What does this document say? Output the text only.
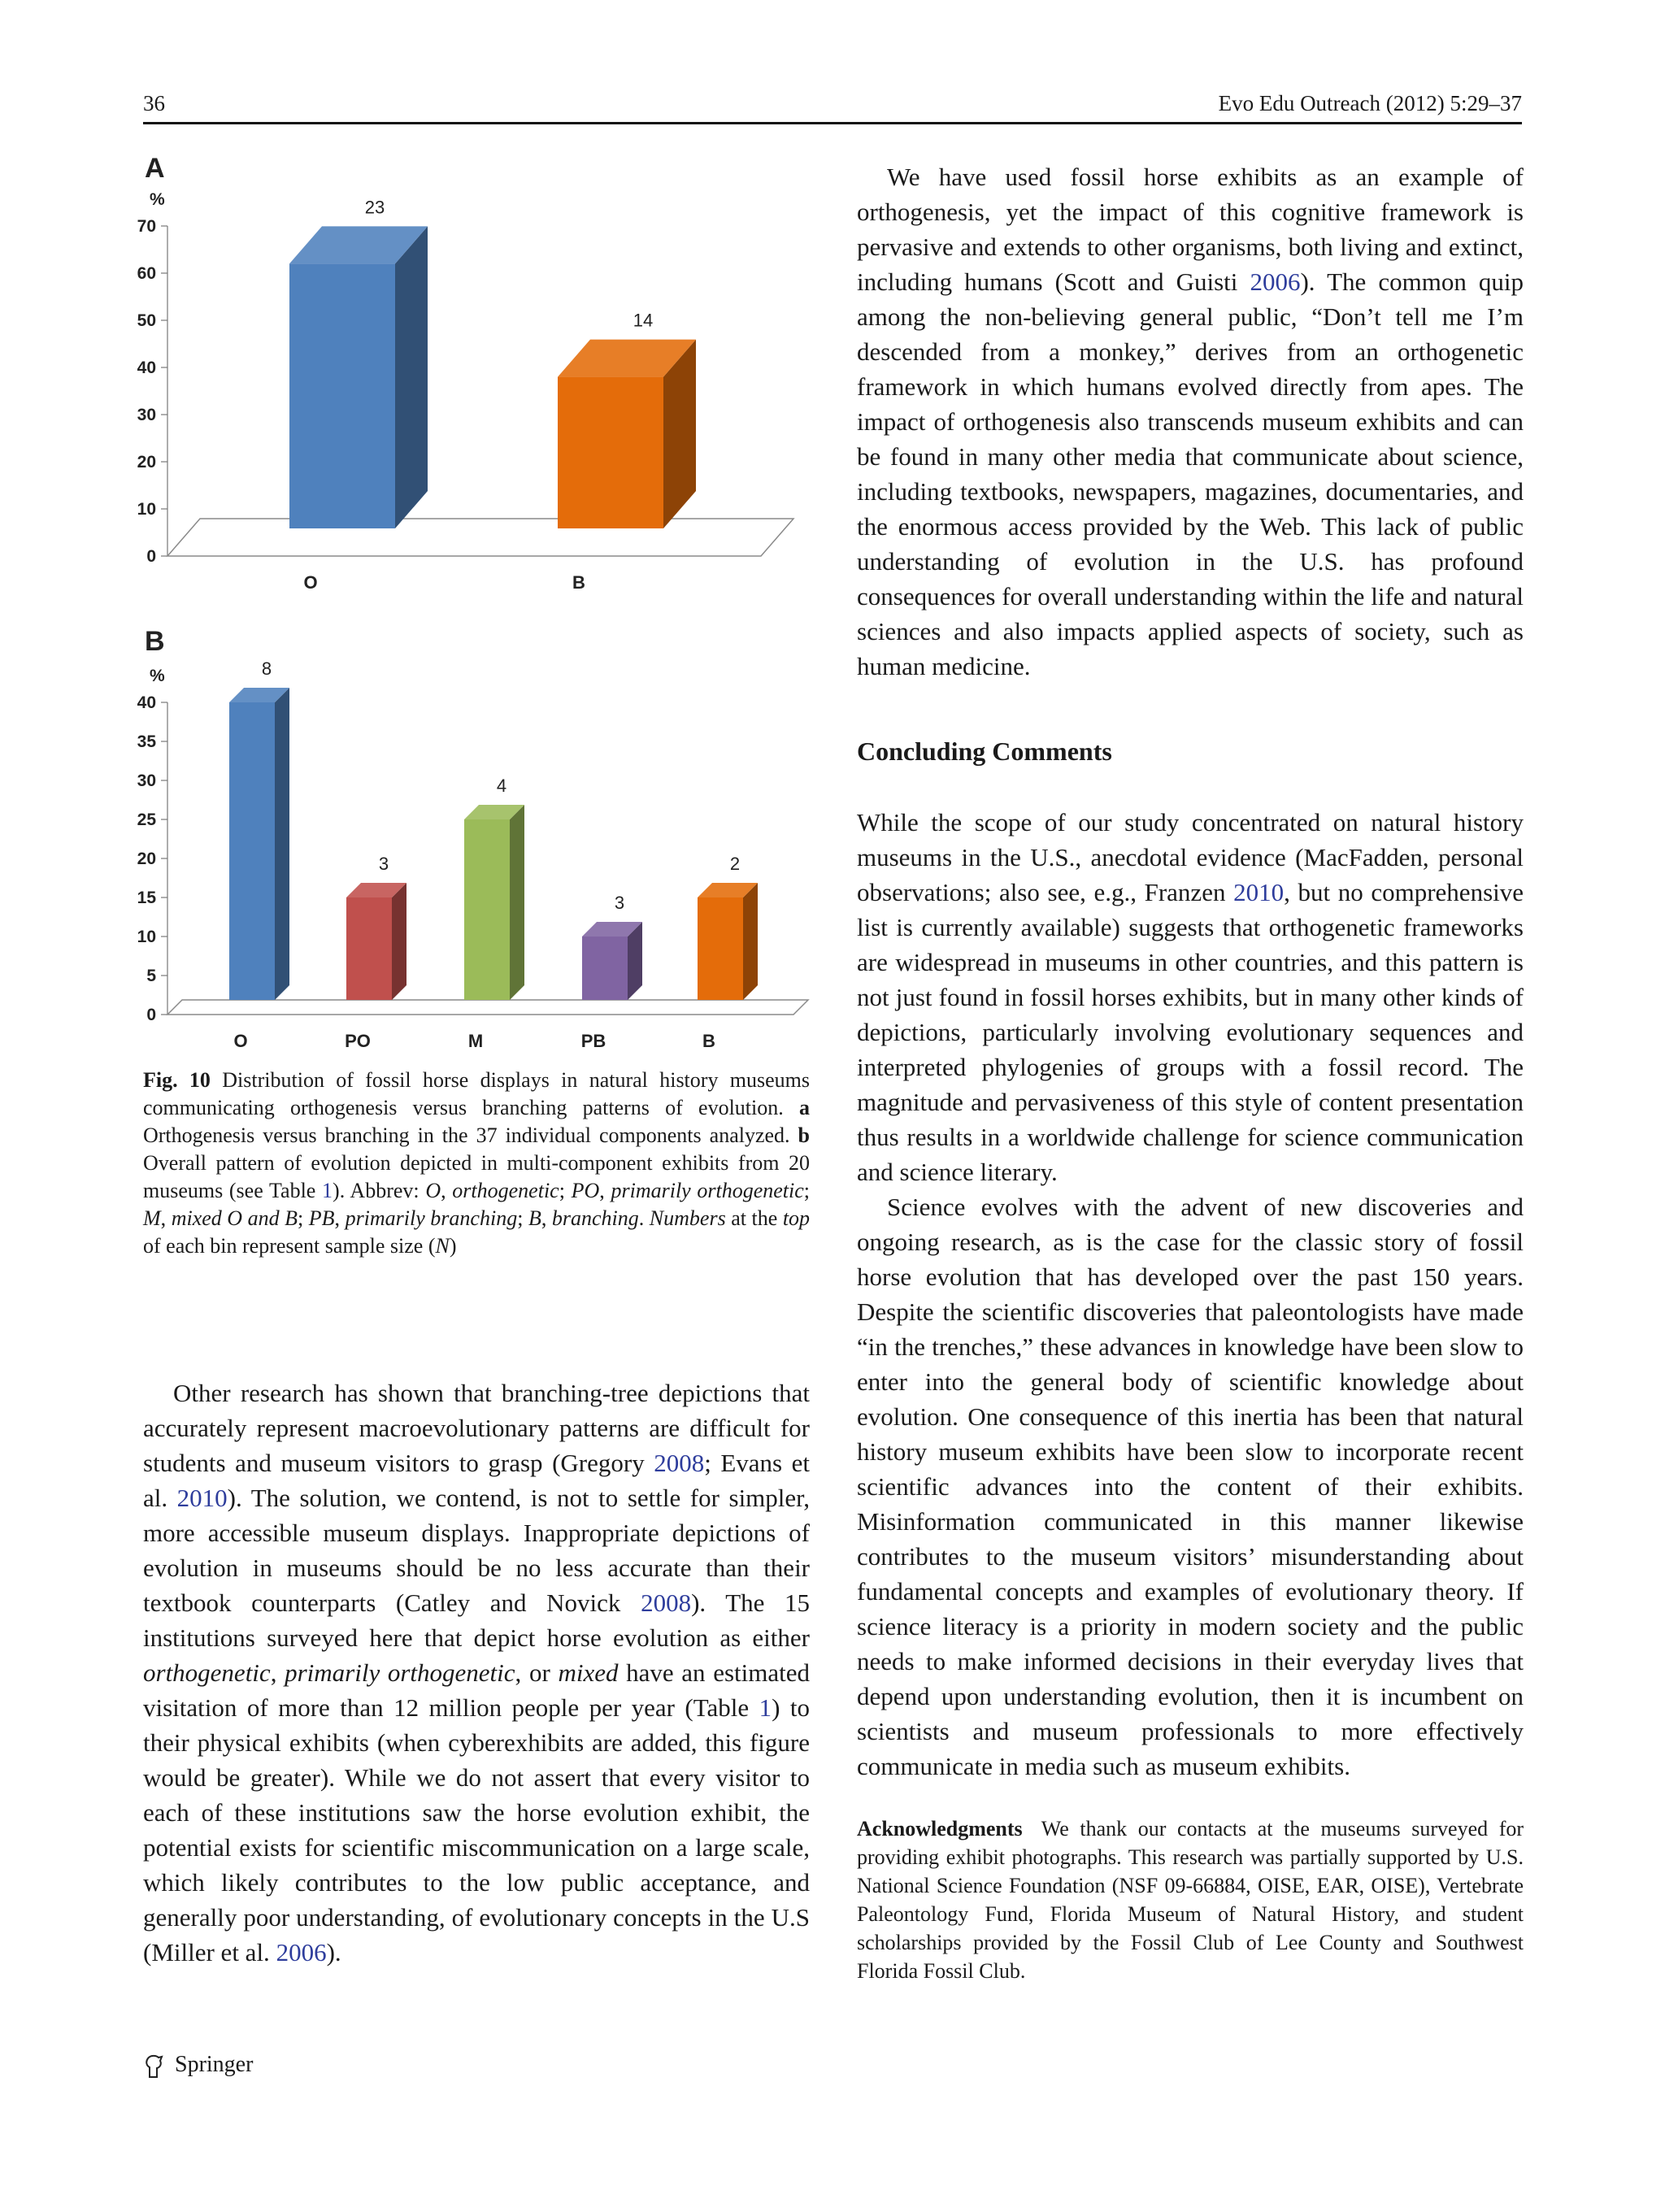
36	Evo Edu Outreach (2012) 5:29–37
A
%
0
10
20
30
40
50
60
70
23
O
14
B
B
%
0
5
10
15
20
25
30
35
40
8
O
3
PO
4
M
3
PB
2
B
Fig. 10 Distribution of fossil horse displays in natural history museums communicating orthogenesis versus branching patterns of evolution. a Orthogenesis versus branching in the 37 individual components analyzed. b Overall pattern of evolution depicted in multi-component exhibits from 20 museums (see Table 1). Abbrev: O, orthogenetic; PO, primarily orthogenetic; M, mixed O and B; PB, primarily branching; B, branching. Numbers at the top of each bin represent sample size (N)

Other research has shown that branching-tree depictions that accurately represent macroevolutionary patterns are difficult for students and museum visitors to grasp (Gregory 2008; Evans et al. 2010). The solution, we contend, is not to settle for simpler, more accessible museum displays. Inappropriate depictions of evolution in museums should be no less accurate than their textbook counterparts (Catley and Novick 2008). The 15 institutions surveyed here that depict horse evolution as either orthogenetic, primarily orthogenetic, or mixed have an estimated visitation of more than 12 million people per year (Table 1) to their physical exhibits (when cyberexhibits are added, this figure would be greater). While we do not assert that every visitor to each of these institutions saw the horse evolution exhibit, the potential exists for scientific miscommunication on a large scale, which likely contributes to the low public acceptance, and generally poor understanding, of evolutionary concepts in the U.S (Miller et al. 2006).

We have used fossil horse exhibits as an example of orthogenesis, yet the impact of this cognitive framework is pervasive and extends to other organisms, both living and extinct, including humans (Scott and Guisti 2006). The common quip among the non-believing general public, “Don’t tell me I’m descended from a monkey,” derives from an orthogenetic framework in which humans evolved directly from apes. The impact of orthogenesis also transcends museum exhibits and can be found in many other media that communicate about science, including textbooks, newspapers, magazines, documentaries, and the enormous access provided by the Web. This lack of public understanding of evolution in the U.S. has profound consequences for overall understanding within the life and natural sciences and also impacts applied aspects of society, such as human medicine.

Concluding Comments

While the scope of our study concentrated on natural history museums in the U.S., anecdotal evidence (MacFadden, personal observations; also see, e.g., Franzen 2010, but no comprehensive list is currently available) suggests that orthogenetic frameworks are widespread in museums in other countries, and this pattern is not just found in fossil horses exhibits, but in many other kinds of depictions, particularly involving evolutionary sequences and interpreted phylogenies of groups with a fossil record. The magnitude and pervasiveness of this style of content presentation thus results in a worldwide challenge for science communication and science literary.

Science evolves with the advent of new discoveries and ongoing research, as is the case for the classic story of fossil horse evolution that has developed over the past 150 years. Despite the scientific discoveries that paleontologists have made “in the trenches,” these advances in knowledge have been slow to enter into the general body of scientific knowledge about evolution. One consequence of this inertia has been that natural history museum exhibits have been slow to incorporate recent scientific advances into the content of their exhibits. Misinformation communicated in this manner likewise contributes to the museum visitors’ misunderstanding about fundamental concepts and examples of evolutionary theory. If science literacy is a priority in modern society and the public needs to make informed decisions in their everyday lives that depend upon understanding evolution, then it is incumbent on scientists and museum professionals to more effectively communicate in media such as museum exhibits.

Acknowledgments We thank our contacts at the museums surveyed for providing exhibit photographs. This research was partially supported by U.S. National Science Foundation (NSF 09-66884, OISE, EAR, OISE), Vertebrate Paleontology Fund, Florida Museum of Natural History, and student scholarships provided by the Fossil Club of Lee County and Southwest Florida Fossil Club.
Springer
